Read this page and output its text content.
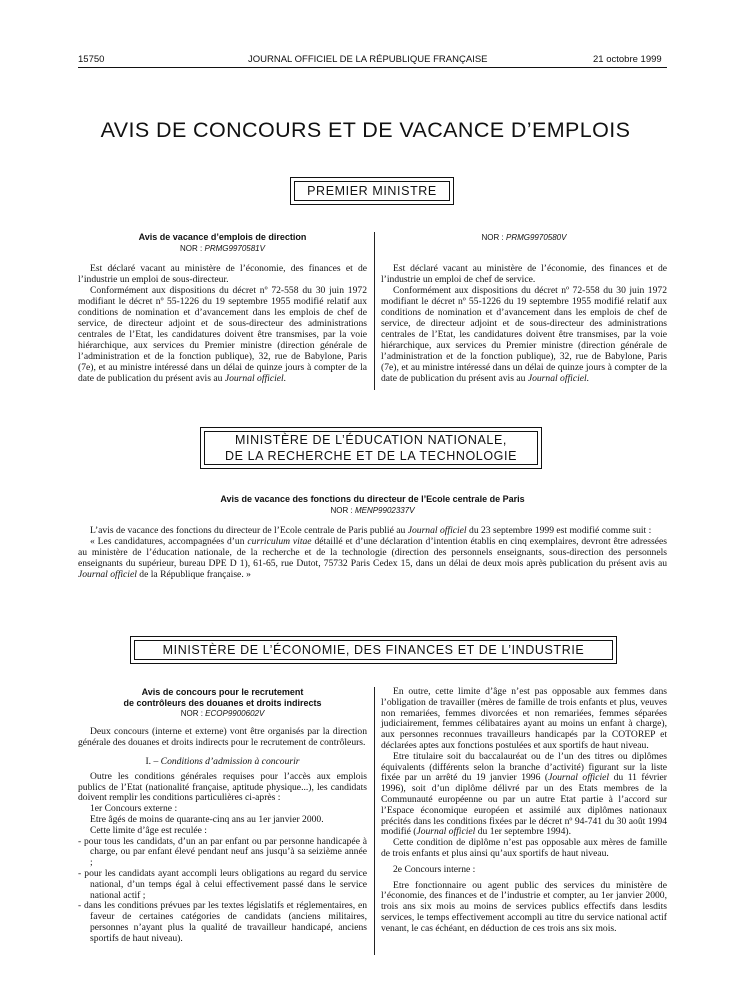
15750	JOURNAL OFFICIEL DE LA RÉPUBLIQUE FRANÇAISE	21 octobre 1999
AVIS DE CONCOURS ET DE VACANCE D’EMPLOIS
PREMIER MINISTRE
Avis de vacance d’emplois de direction
NOR : PRMG9970581V

Est déclaré vacant au ministère de l’économie, des finances et de l’industrie un emploi de sous-directeur.

Conformément aux dispositions du décret nº 72-558 du 30 juin 1972 modifiant le décret nº 55-1226 du 19 septembre 1955 modifié relatif aux conditions de nomination et d’avancement dans les emplois de chef de service, de directeur adjoint et de sous-directeur des administrations centrales de l’Etat, les candidatures doivent être transmises, par la voie hiérarchique, aux services du Premier ministre (direction générale de l’administration et de la fonction publique), 32, rue de Babylone, Paris (7e), et au ministre intéressé dans un délai de quinze jours à compter de la date de publication du présent avis au Journal officiel.

NOR : PRMG9970580V

Est déclaré vacant au ministère de l’économie, des finances et de l’industrie un emploi de chef de service.

Conformément aux dispositions du décret nº 72-558 du 30 juin 1972 modifiant le décret nº 55-1226 du 19 septembre 1955 modifié relatif aux conditions de nomination et d’avancement dans les emplois de chef de service, de directeur adjoint et de sous-directeur des administrations centrales de l’Etat, les candidatures doivent être transmises, par la voie hiérarchique, aux services du Premier ministre (direction générale de l’administration et de la fonction publique), 32, rue de Babylone, Paris (7e), et au ministre intéressé dans un délai de quinze jours à compter de la date de publication du présent avis au Journal officiel.

MINISTÈRE DE L’ÉDUCATION NATIONALE,
DE LA RECHERCHE ET DE LA TECHNOLOGIE
Avis de vacance des fonctions du directeur de l’Ecole centrale de Paris
NOR : MENP9902337V

L’avis de vacance des fonctions du directeur de l’Ecole centrale de Paris publié au Journal officiel du 23 septembre 1999 est modifié comme suit :

« Les candidatures, accompagnées d’un curriculum vitae détaillé et d’une déclaration d’intention établis en cinq exemplaires, devront être adressées au ministère de l’éducation nationale, de la recherche et de la technologie (direction des personnels enseignants, sous-direction des personnels enseignants du supérieur, bureau DPE D 1), 61-65, rue Dutot, 75732 Paris Cedex 15, dans un délai de deux mois après publication du présent avis au Journal officiel de la République française. »

MINISTÈRE DE L’ÉCONOMIE, DES FINANCES ET DE L’INDUSTRIE
Avis de concours pour le recrutement
de contrôleurs des douanes et droits indirects
NOR : ECOP9900602V

Deux concours (interne et externe) vont être organisés par la direction générale des douanes et droits indirects pour le recrutement de contrôleurs.

I. – Conditions d’admission à concourir

Outre les conditions générales requises pour l’accès aux emplois publics de l’Etat (nationalité française, aptitude physique...), les candidats doivent remplir les conditions particulières ci-après :

1er Concours externe :

Etre âgés de moins de quarante-cinq ans au 1er janvier 2000.

Cette limite d’âge est reculée :

- pour tous les candidats, d’un an par enfant ou par personne handicapée à charge, ou par enfant élevé pendant neuf ans jusqu’à sa seizième année ;

- pour les candidats ayant accompli leurs obligations au regard du service national, d’un temps égal à celui effectivement passé dans le service national actif ;

- dans les conditions prévues par les textes législatifs et réglementaires, en faveur de certaines catégories de candidats (anciens militaires, personnes n’ayant plus la qualité de travailleur handicapé, anciens sportifs de haut niveau).

En outre, cette limite d’âge n’est pas opposable aux femmes dans l’obligation de travailler (mères de famille de trois enfants et plus, veuves non remariées, femmes divorcées et non remariées, femmes séparées judiciairement, femmes célibataires ayant au moins un enfant à charge), aux personnes reconnues travailleurs handicapés par la COTOREP et déclarées aptes aux fonctions postulées et aux sportifs de haut niveau.

Etre titulaire soit du baccalauréat ou de l’un des titres ou diplômes équivalents (différents selon la branche d’activité) figurant sur la liste fixée par un arrêté du 19 janvier 1996 (Journal officiel du 11 février 1996), soit d’un diplôme délivré par un des Etats membres de la Communauté européenne ou par un autre Etat partie à l’accord sur l’Espace économique européen et assimilé aux diplômes nationaux précités dans les conditions fixées par le décret nº 94-741 du 30 août 1994 modifié (Journal officiel du 1er septembre 1994).

Cette condition de diplôme n’est pas opposable aux mères de famille de trois enfants et plus ainsi qu’aux sportifs de haut niveau.

2e Concours interne :

Etre fonctionnaire ou agent public des services du ministère de l’économie, des finances et de l’industrie et compter, au 1er janvier 2000, trois ans six mois au moins de services publics effectifs dans lesdits services, le temps effectivement accompli au titre du service national actif venant, le cas échéant, en déduction de ces trois ans six mois.
